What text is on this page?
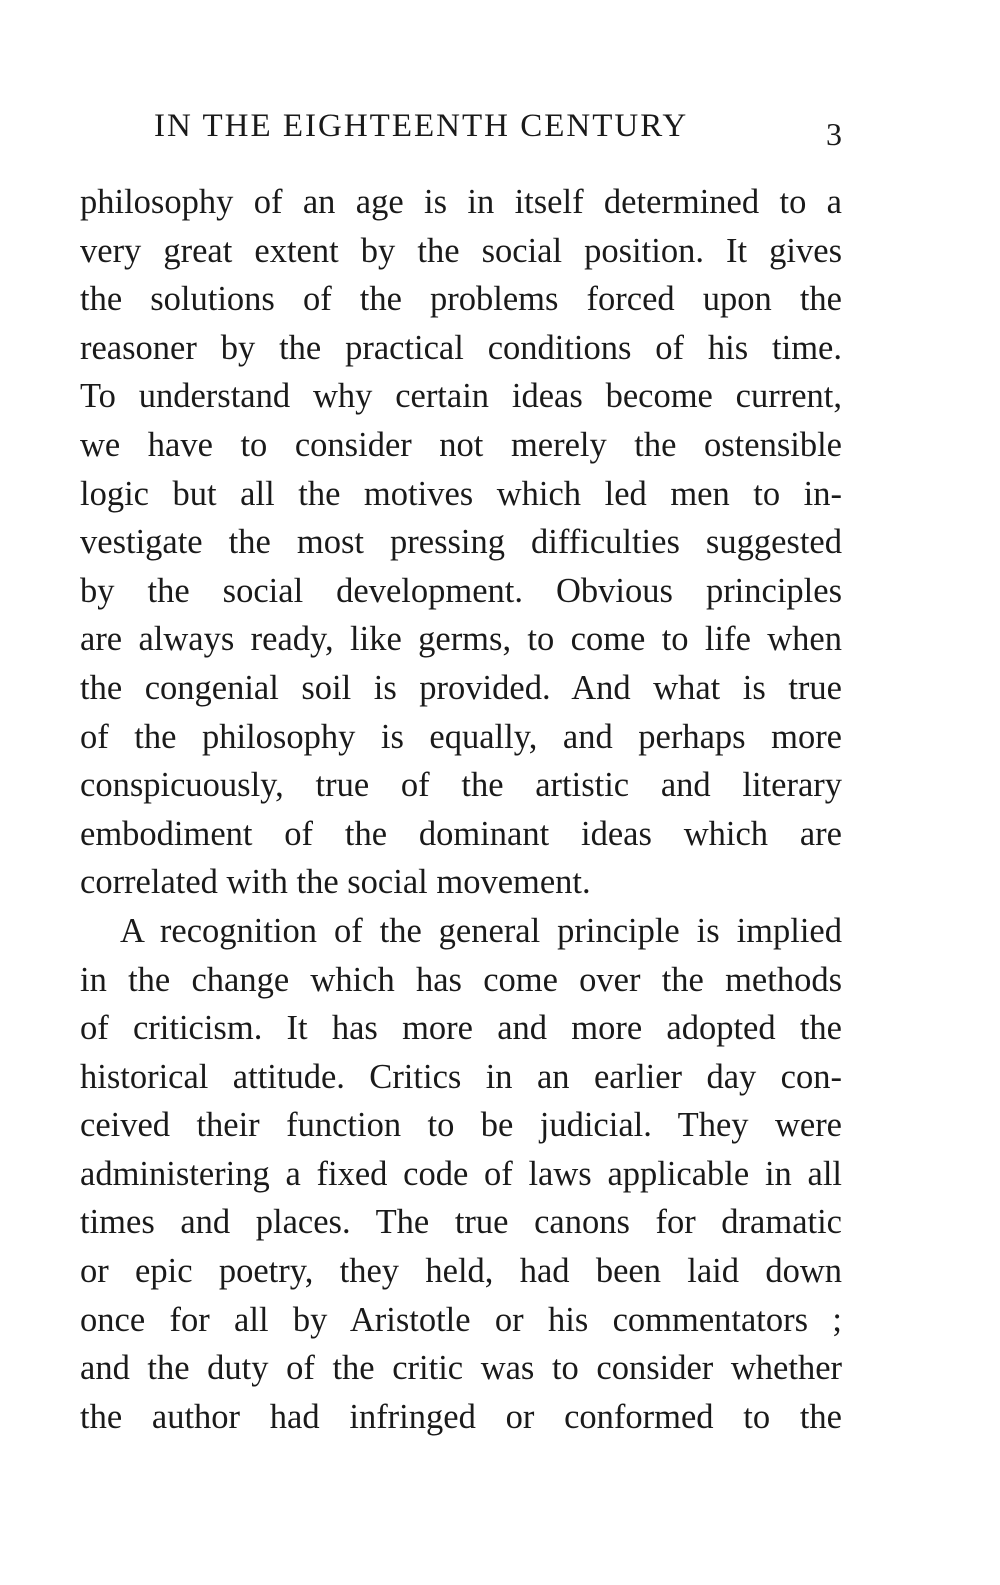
IN THE EIGHTEENTH CENTURY	3
philosophy of an age is in itself determined to a
very great extent by the social position. It gives
the solutions of the problems forced upon the
reasoner by the practical conditions of his time.
To understand why certain ideas become current,
we have to consider not merely the ostensible
logic but all the motives which led men to in-
vestigate the most pressing difficulties suggested
by the social development. Obvious principles
are always ready, like germs, to come to life when
the congenial soil is provided. And what is true
of the philosophy is equally, and perhaps more
conspicuously, true of the artistic and literary
embodiment of the dominant ideas which are
correlated with the social movement.
A recognition of the general principle is implied
in the change which has come over the methods
of criticism. It has more and more adopted the
historical attitude. Critics in an earlier day con-
ceived their function to be judicial. They were
administering a fixed code of laws applicable in all
times and places. The true canons for dramatic
or epic poetry, they held, had been laid down
once for all by Aristotle or his commentators ;
and the duty of the critic was to consider whether
the author had infringed or conformed to the
